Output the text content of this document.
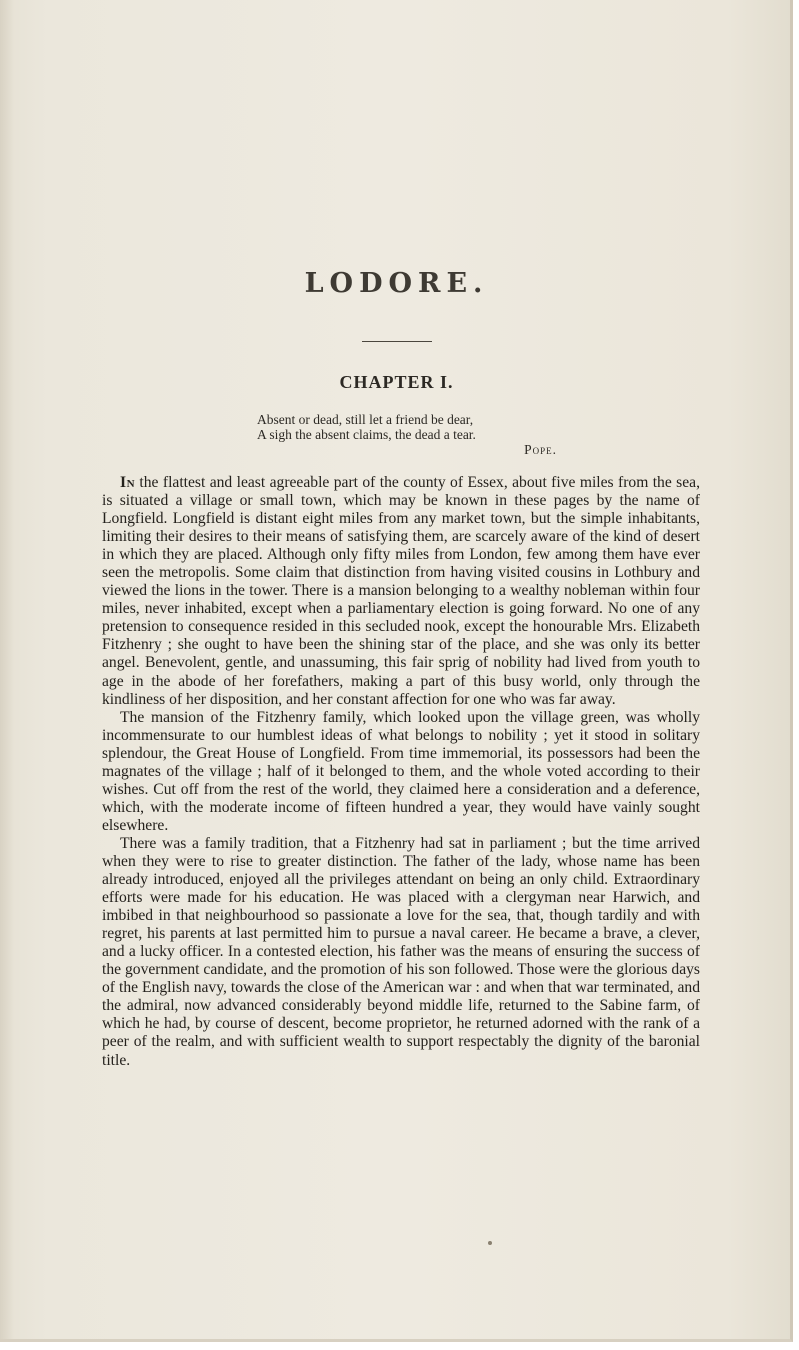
LODORE.
CHAPTER I.
Absent or dead, still let a friend be dear,
A sigh the absent claims, the dead a tear.
Pope.

In the flattest and least agreeable part of the county of Essex, about five miles from the sea, is situated a village or small town, which may be known in these pages by the name of Longfield. Longfield is distant eight miles from any market town, but the simple inhabitants, limiting their desires to their means of satisfying them, are scarcely aware of the kind of desert in which they are placed. Although only fifty miles from London, few among them have ever seen the metropolis. Some claim that distinction from having visited cousins in Lothbury and viewed the lions in the tower. There is a mansion belonging to a wealthy nobleman within four miles, never inhabited, except when a parliamentary election is going forward. No one of any pretension to consequence resided in this secluded nook, except the honourable Mrs. Elizabeth Fitzhenry ; she ought to have been the shining star of the place, and she was only its better angel. Benevolent, gentle, and unassuming, this fair sprig of nobility had lived from youth to age in the abode of her forefathers, making a part of this busy world, only through the kindliness of her disposition, and her constant affection for one who was far away.

The mansion of the Fitzhenry family, which looked upon the village green, was wholly incommensurate to our humblest ideas of what belongs to nobility ; yet it stood in solitary splendour, the Great House of Longfield. From time immemorial, its possessors had been the magnates of the village ; half of it belonged to them, and the whole voted according to their wishes. Cut off from the rest of the world, they claimed here a consideration and a deference, which, with the moderate income of fifteen hundred a year, they would have vainly sought elsewhere.

There was a family tradition, that a Fitzhenry had sat in parliament ; but the time arrived when they were to rise to greater distinction. The father of the lady, whose name has been already introduced, enjoyed all the privileges attendant on being an only child. Extraordinary efforts were made for his education. He was placed with a clergyman near Harwich, and imbibed in that neighbourhood so passionate a love for the sea, that, though tardily and with regret, his parents at last permitted him to pursue a naval career. He became a brave, a clever, and a lucky officer. In a contested election, his father was the means of ensuring the success of the government candidate, and the promotion of his son followed. Those were the glorious days of the English navy, towards the close of the American war : and when that war terminated, and the admiral, now advanced considerably beyond middle life, returned to the Sabine farm, of which he had, by course of descent, become proprietor, he returned adorned with the rank of a peer of the realm, and with sufficient wealth to support respectably the dignity of the baronial title.
